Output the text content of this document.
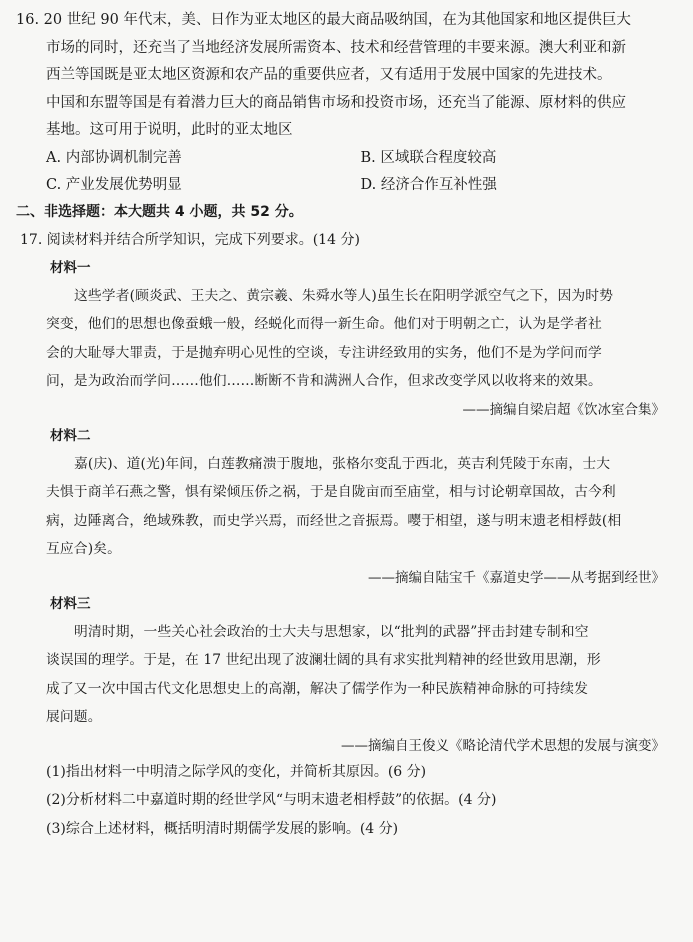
16. 20 世纪 90 年代末，美、日作为亚太地区的最大商品吸纳国，在为其他国家和地区提供巨大
市场的同时，还充当了当地经济发展所需资本、技术和经营管理的丰要来源。澳大利亚和新
西兰等国既是亚太地区资源和农产品的重要供应者，又有适用于发展中国家的先进技术。
中国和东盟等国是有着潜力巨大的商品销售市场和投资市场，还充当了能源、原材料的供应
基地。这可用于说明，此时的亚太地区
A. 内部协调机制完善	B. 区域联合程度较高
C. 产业发展优势明显	D. 经济合作互补性强
二、非选择题：本大题共 4 小题，共 52 分。
17. 阅读材料并结合所学知识，完成下列要求。(14 分)
材料一

这些学者(顾炎武、王夫之、黄宗羲、朱舜水等人)虽生长在阳明学派空气之下，因为时势

突变，他们的思想也像蚕蛾一般，经蜕化而得一新生命。他们对于明朝之亡，认为是学者社

会的大耻辱大罪责，于是抛弃明心见性的空谈，专注讲经致用的实务，他们不是为学问而学

问，是为政治而学问……他们……断断不肯和满洲人合作，但求改变学风以收将来的效果。

——摘编自梁启超《饮冰室合集》
材料二

嘉(庆)、道(光)年间，白莲教痛溃于腹地，张格尔变乱于西北，英吉利凭陵于东南，士大

夫惧于商羊石燕之警，惧有梁倾压侨之祸，于是自陇亩而至庙堂，相与讨论朝章国故，古今利

病，边陲离合，绝域殊教，而史学兴焉，而经世之音振焉。嘤于相望，遂与明末遗老相桴鼓(相

互应合)矣。

——摘编自陆宝千《嘉道史学——从考据到经世》
材料三

明清时期，一些关心社会政治的士大夫与思想家，以“批判的武器”抨击封建专制和空

谈误国的理学。于是，在 17 世纪出现了波澜壮阔的具有求实批判精神的经世致用思潮，形

成了又一次中国古代文化思想史上的高潮，解决了儒学作为一种民族精神命脉的可持续发

展问题。

——摘编自王俊义《略论清代学术思想的发展与演变》
(1)指出材料一中明清之际学风的变化，并简析其原因。(6 分)
(2)分析材料二中嘉道时期的经世学风“与明末遗老相桴鼓”的依据。(4 分)
(3)综合上述材料，概括明清时期儒学发展的影响。(4 分)
